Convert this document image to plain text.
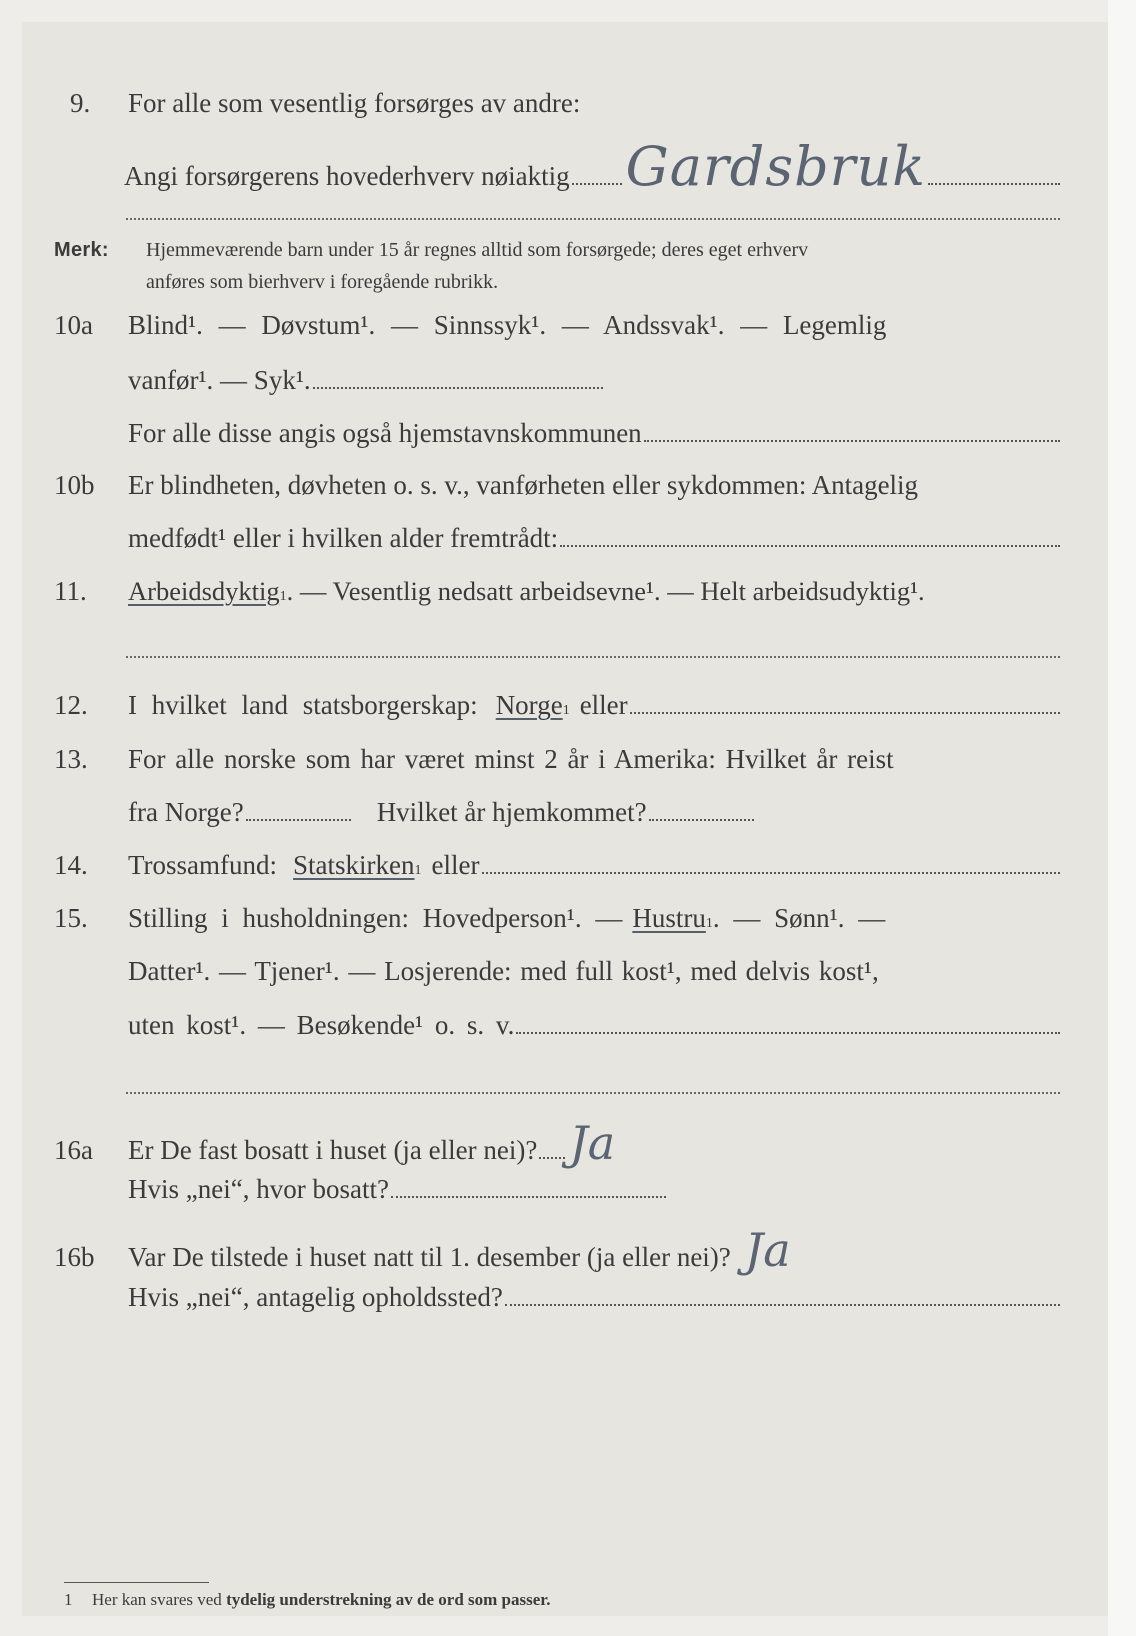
9.	For alle som vesentlig forsørges av andre:
Angi forsørgerens hovederhverv nøiaktig Gardsbruk
Merk:	Hjemmeværende barn under 15 år regnes alltid som forsørgede; deres eget erhverv
anføres som bierhverv i foregående rubrikk.
10a	Blind¹. — Døvstum¹. — Sinnssyk¹. — Andssvak¹. — Legemlig
vanfør¹. — Syk¹.
For alle disse angis også hjemstavnskommunen
10b	Er blindheten, døvheten o. s. v., vanførheten eller sykdommen: Antagelig
medfødt¹ eller i hvilken alder fremtrådt:
11.	Arbeidsdyktig 1 . — Vesentlig nedsatt arbeidsevne¹. — Helt arbeidsudyktig¹.
12.	I hvilket land statsborgerskap: Norge 1 eller
13.	For alle norske som har været minst 2 år i Amerika: Hvilket år reist
fra Norge?	Hvilket år hjemkommet?
14.	Trossamfund: Statskirken 1 eller
15.	Stilling i husholdningen: Hovedperson¹. — Hustru 1 . — Sønn¹. —
Datter¹. — Tjener¹. — Losjerende: med full kost¹, med delvis kost¹,
uten kost¹. — Besøkende¹ o. s. v.
16a	Er De fast bosatt i huset (ja eller nei)? Ja
Hvis „nei“, hvor bosatt?
16b	Var De tilstede i huset natt til 1. desember (ja eller nei)? Ja
Hvis „nei“, antagelig opholdssted?
1 Her kan svares ved tydelig understrekning av de ord som passer.
